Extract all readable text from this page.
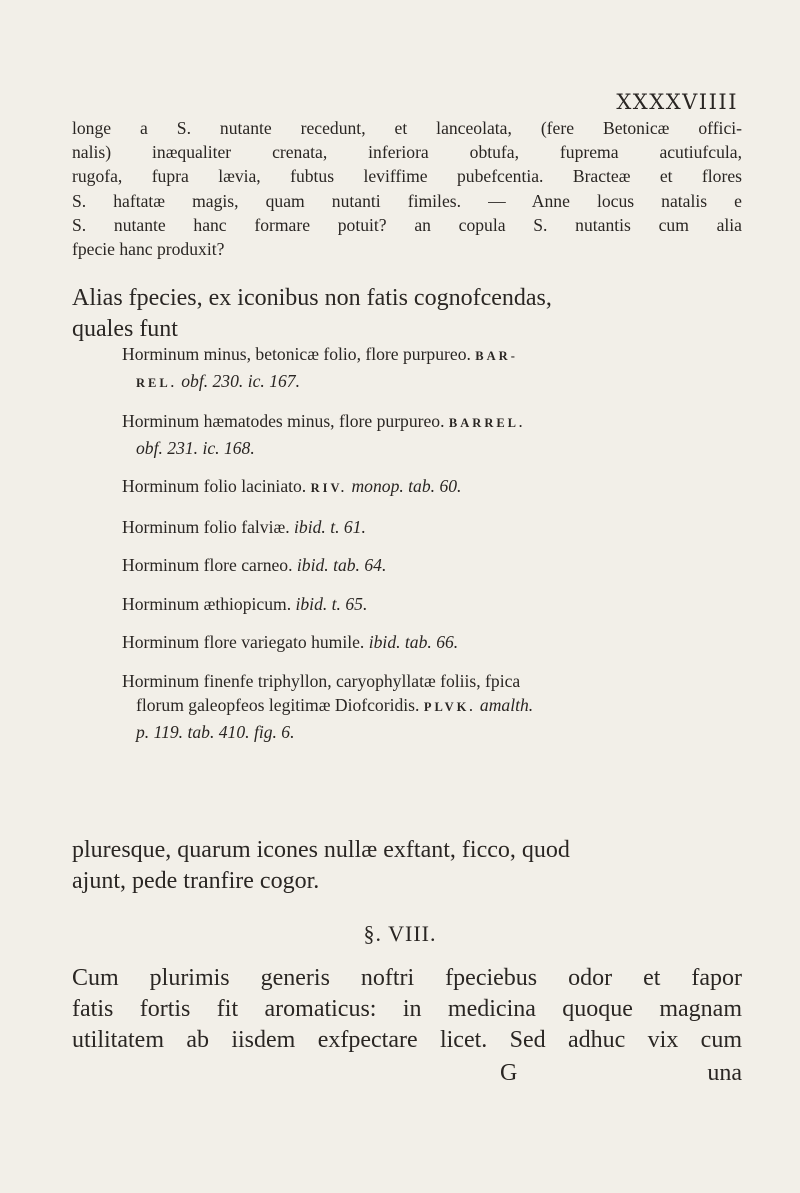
XXXXVIIII
longe a S. nutante recedunt, et lanceolata, (fere Betonicæ offici-
nalis) inæqualiter crenata, inferiora obtufa, fuprema acutiufcula,
rugofa, fupra lævia, fubtus leviffime pubefcentia. Bracteæ et flores
S. haftatæ magis, quam nutanti fimiles. — Anne locus natalis e
S. nutante hanc formare potuit? an copula S. nutantis cum alia
fpecie hanc produxit?
Alias fpecies, ex iconibus non fatis cognofcendas,
quales funt

Horminum minus, betonicæ folio, flore purpureo. BAR-
REL. obf. 230. ic. 167.

Horminum hæmatodes minus, flore purpureo. BARREL.
obf. 231. ic. 168.

Horminum folio laciniato. RIV. monop. tab. 60.

Horminum folio falviæ. ibid. t. 61.

Horminum flore carneo. ibid. tab. 64.

Horminum æthiopicum. ibid. t. 65.

Horminum flore variegato humile. ibid. tab. 66.

Horminum finenfe triphyllon, caryophyllatæ foliis, fpica
florum galeopfeos legitimæ Diofcoridis. PLVK. amalth.
p. 119. tab. 410. fig. 6.

pluresque, quarum icones nullæ exftant, ficco, quod
ajunt, pede tranfire cogor.
§. VIII.
Cum plurimis generis noftri fpeciebus odor et fapor
fatis fortis fit aromaticus: in medicina quoque magnam
utilitatem ab iisdem exfpectare licet. Sed adhuc vix cum
G	una
